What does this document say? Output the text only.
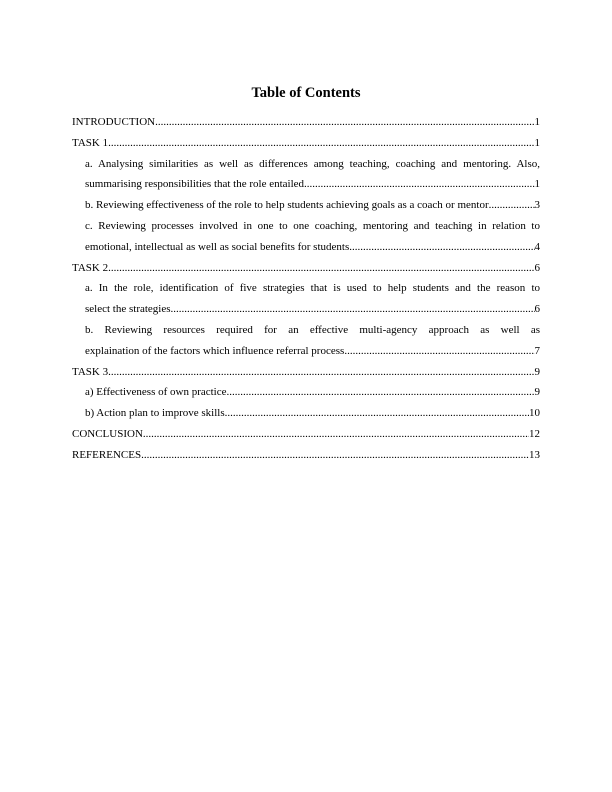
Table of Contents
INTRODUCTION .....	1
TASK 1 .....	1
a. Analysing similarities as well as differences among teaching, coaching and mentoring. Also,
summarising responsibilities that the role entailed .....	1
b. Reviewing effectiveness of the role to help students achieving goals as a coach or mentor .....	3
c. Reviewing processes involved in one to one coaching, mentoring and teaching in relation to
emotional, intellectual as well as social benefits for students .....	4
TASK 2 .....	6
a. In the role, identification of five strategies that is used to help students and the reason to
select the strategies .....	6
b. Reviewing resources required for an effective multi-agency approach as well as
explaination of the factors which influence referral process .....	7
TASK 3 .....	9
a) Effectiveness of own practice .....	9
b) Action plan to improve skills .....	10
CONCLUSION .....	12
REFERENCES .....	13
